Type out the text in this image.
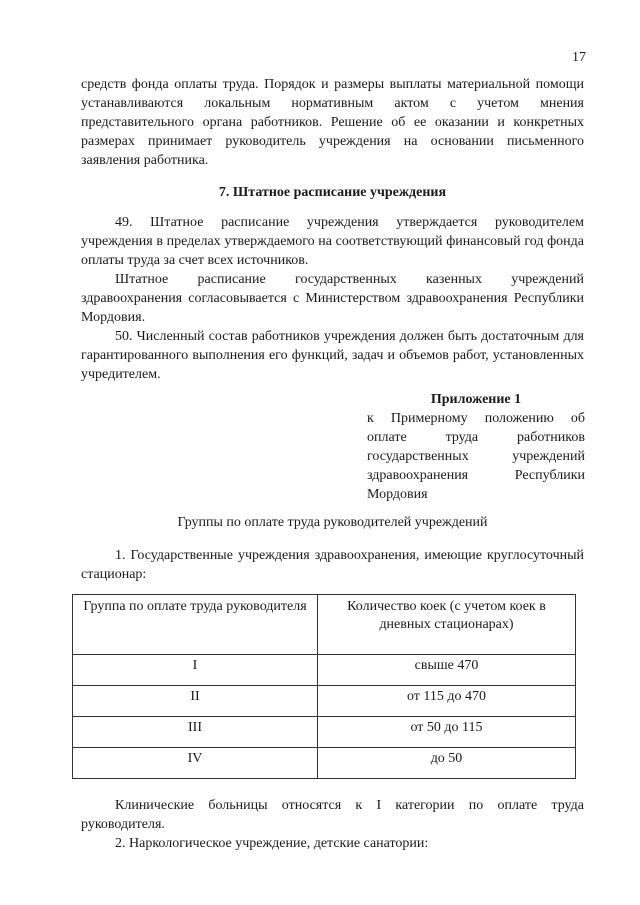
17

средств фонда оплаты труда. Порядок и размеры выплаты материальной помощи устанавливаются локальным нормативным актом с учетом мнения представительного органа работников. Решение об ее оказании и конкретных размерах принимает руководитель учреждения на основании письменного заявления работника.

7. Штатное расписание учреждения

49. Штатное расписание учреждения утверждается руководителем учреждения в пределах утверждаемого на соответствующий финансовый год фонда оплаты труда за счет всех источников.

Штатное расписание государственных казенных учреждений здравоохранения согласовывается с Министерством здравоохранения Республики Мордовия.

50. Численный состав работников учреждения должен быть достаточным для гарантированного выполнения его функций, задач и объемов работ, установленных учредителем.

Приложение 1

к Примерному положению об оплате труда работников государственных учреждений здравоохранения Республики Мордовия

Группы по оплате труда руководителей учреждений

1. Государственные учреждения здравоохранения, имеющие круглосуточный стационар:

Группа по оплате труда руководителя	Количество коек (с учетом коек в дневных стационарах)
I	свыше 470
II	от 115 до 470
III	от 50 до 115
IV	до 50

Клинические больницы относятся к I категории по оплате труда руководителя.

2. Наркологическое учреждение, детские санатории:
